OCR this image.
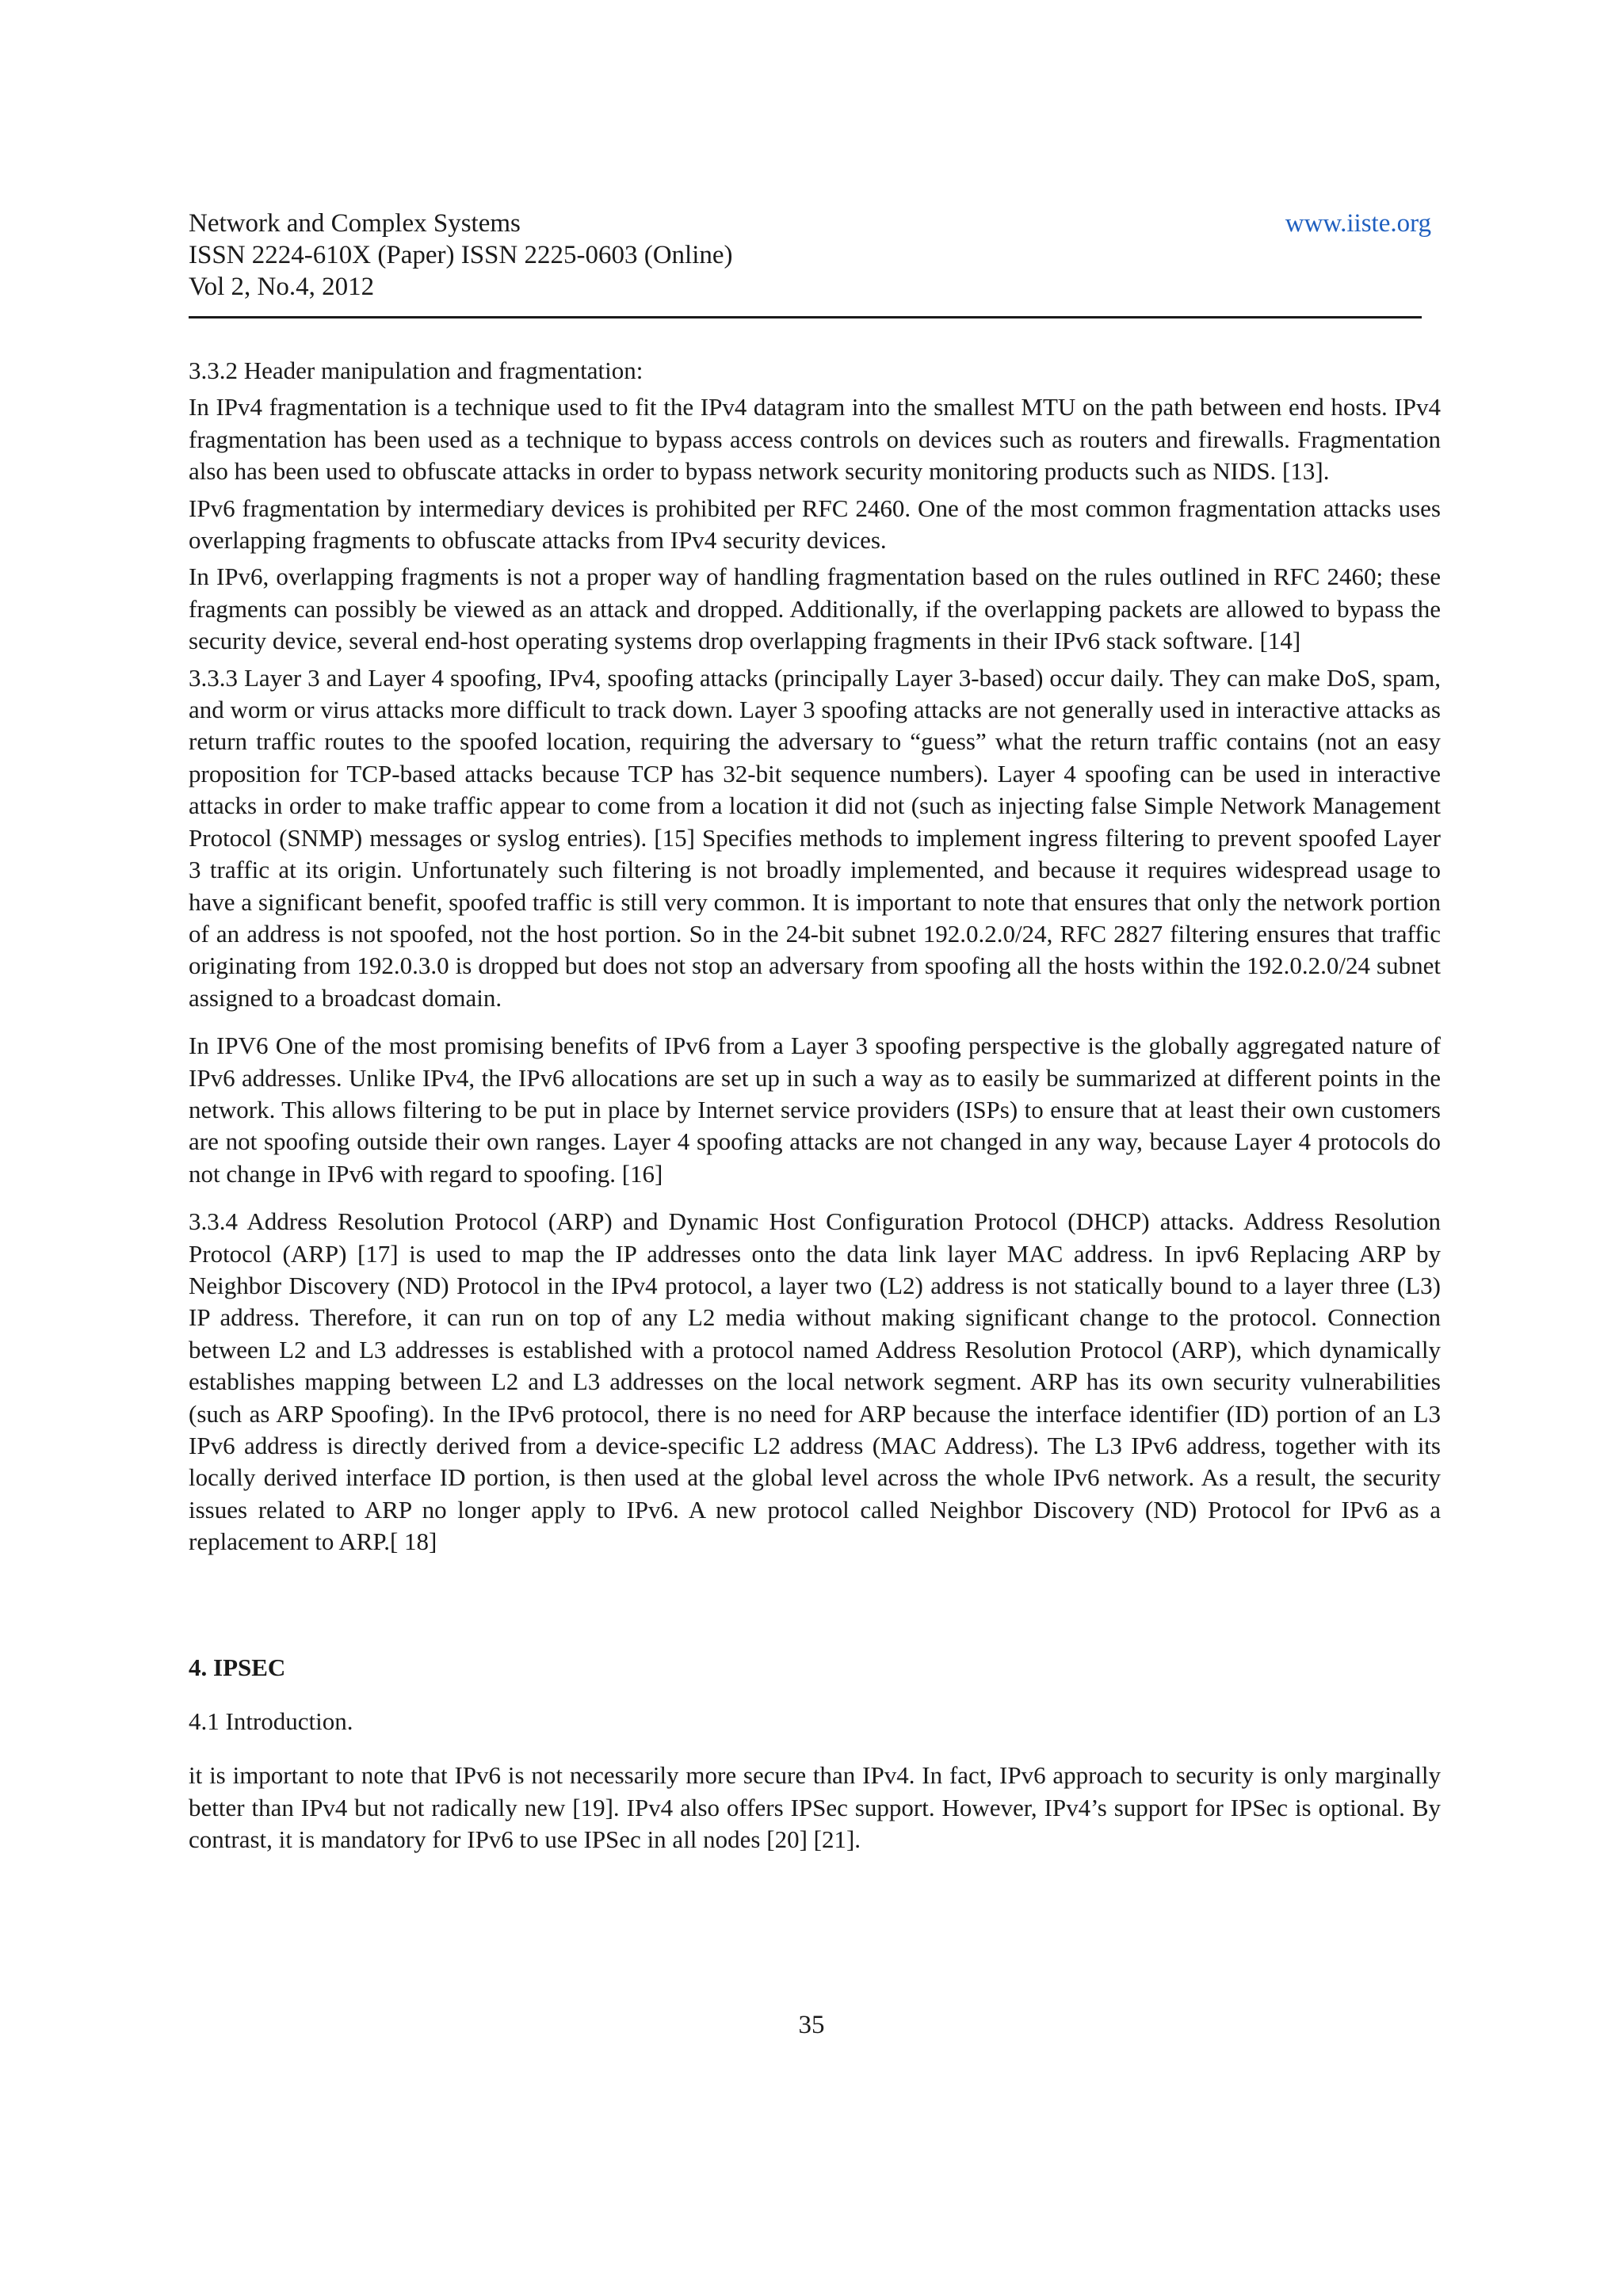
Network and Complex Systems
ISSN 2224-610X (Paper) ISSN 2225-0603 (Online)
Vol 2, No.4, 2012
www.iiste.org

3.3.2 Header manipulation and fragmentation:

In IPv4 fragmentation is a technique used to fit the IPv4 datagram into the smallest MTU on the path between end hosts. IPv4 fragmentation has been used as a technique to bypass access controls on devices such as routers and firewalls. Fragmentation also has been used to obfuscate attacks in order to bypass network security monitoring products such as NIDS. [13].

IPv6 fragmentation by intermediary devices is prohibited per RFC 2460. One of the most common fragmentation attacks uses overlapping fragments to obfuscate attacks from IPv4 security devices.

In IPv6, overlapping fragments is not a proper way of handling fragmentation based on the rules outlined in RFC 2460; these fragments can possibly be viewed as an attack and dropped. Additionally, if the overlapping packets are allowed to bypass the security device, several end-host operating systems drop overlapping fragments in their IPv6 stack software. [14]

3.3.3 Layer 3 and Layer 4 spoofing, IPv4, spoofing attacks (principally Layer 3-based) occur daily. They can make DoS, spam, and worm or virus attacks more difficult to track down. Layer 3 spoofing attacks are not generally used in interactive attacks as return traffic routes to the spoofed location, requiring the adversary to “guess” what the return traffic contains (not an easy proposition for TCP-based attacks because TCP has 32-bit sequence numbers). Layer 4 spoofing can be used in interactive attacks in order to make traffic appear to come from a location it did not (such as injecting false Simple Network Management Protocol (SNMP) messages or syslog entries). [15] Specifies methods to implement ingress filtering to prevent spoofed Layer 3 traffic at its origin. Unfortunately such filtering is not broadly implemented, and because it requires widespread usage to have a significant benefit, spoofed traffic is still very common. It is important to note that ensures that only the network portion of an address is not spoofed, not the host portion. So in the 24-bit subnet 192.0.2.0/24, RFC 2827 filtering ensures that traffic originating from 192.0.3.0 is dropped but does not stop an adversary from spoofing all the hosts within the 192.0.2.0/24 subnet assigned to a broadcast domain.

In IPV6 One of the most promising benefits of IPv6 from a Layer 3 spoofing perspective is the globally aggregated nature of IPv6 addresses. Unlike IPv4, the IPv6 allocations are set up in such a way as to easily be summarized at different points in the network. This allows filtering to be put in place by Internet service providers (ISPs) to ensure that at least their own customers are not spoofing outside their own ranges. Layer 4 spoofing attacks are not changed in any way, because Layer 4 protocols do not change in IPv6 with regard to spoofing. [16]

3.3.4 Address Resolution Protocol (ARP) and Dynamic Host Configuration Protocol (DHCP) attacks. Address Resolution Protocol (ARP) [17] is used to map the IP addresses onto the data link layer MAC address. In ipv6 Replacing ARP by Neighbor Discovery (ND) Protocol in the IPv4 protocol, a layer two (L2) address is not statically bound to a layer three (L3) IP address. Therefore, it can run on top of any L2 media without making significant change to the protocol. Connection between L2 and L3 addresses is established with a protocol named Address Resolution Protocol (ARP), which dynamically establishes mapping between L2 and L3 addresses on the local network segment. ARP has its own security vulnerabilities (such as ARP Spoofing). In the IPv6 protocol, there is no need for ARP because the interface identifier (ID) portion of an L3 IPv6 address is directly derived from a device-specific L2 address (MAC Address). The L3 IPv6 address, together with its locally derived interface ID portion, is then used at the global level across the whole IPv6 network. As a result, the security issues related to ARP no longer apply to IPv6. A new protocol called Neighbor Discovery (ND) Protocol for IPv6 as a replacement to ARP.[ 18]

4. IPSEC

4.1 Introduction.

it is important to note that IPv6 is not necessarily more secure than IPv4. In fact, IPv6 approach to security is only marginally better than IPv4 but not radically new [19]. IPv4 also offers IPSec support. However, IPv4’s support for IPSec is optional. By contrast, it is mandatory for IPv6 to use IPSec in all nodes [20] [21].

35
